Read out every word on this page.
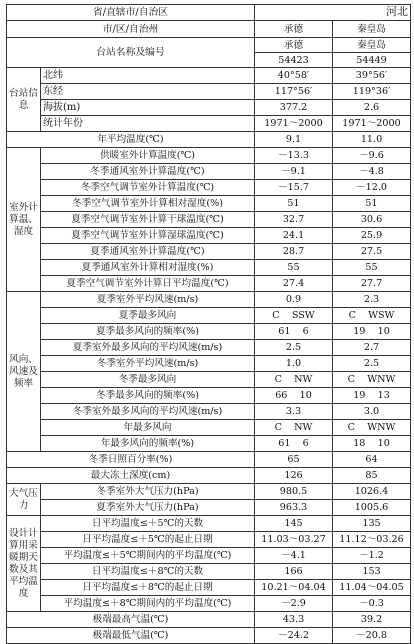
河北
省/直辖市/自治区			
市/区/自治州		承德	秦皇岛
台站名称及编号		承德	秦皇岛
		54423	54449
台站信息	北纬	40°58′	39°56′
	东经	117°56′	119°36′
	海拔(m)	377.2	2.6
	统计年份	1971～2000	1971～2000
年平均温度(℃)		9.1	11.0
室外计算温、湿度	供暖室外计算温度(℃)	－13.3	－9.6
	冬季通风室外计算温度(℃)	－9.1	－4.8
	冬季空气调节室外计算温度(℃)	－15.7	－12.0
	冬季空气调节室外计算相对湿度(%)	51	51
	夏季空气调节室外计算干球温度(℃)	32.7	30.6
	夏季空气调节室外计算湿球温度(℃)	24.1	25.9
	夏季通风室外计算温度(℃)	28.7	27.5
	夏季通风室外计算相对湿度(%)	55	55
	夏季空气调节室外计算日平均温度(℃)	27.4	27.7
风向、风速及频率	夏季室外平均风速(m/s)	0.9	2.3
	夏季最多风向	C    SSW	C    WSW
	夏季最多风向的频率(%)	61    6	19    10
	夏季室外最多风向的平均风速(m/s)	2.5	2.7
	冬季室外平均风速(m/s)	1.0	2.5
	冬季最多风向	C    NW	C    WNW
	冬季最多风向的频率(%)	66    10	19    13
	冬季室外最多风向的平均风速(m/s)	3.3	3.0
	年最多风向	C    NW	C    WNW
	年最多风向的频率(%)	61    6	18    10
冬季日照百分率(%)		65	64
最大冻土深度(cm)		126	85
大气压力	冬季室外大气压力(hPa)	980.5	1026.4
	夏季室外大气压力(hPa)	963.3	1005.6
设计计算用采暖期天数及其平均温度	日平均温度≤＋5℃的天数	145	135
	日平均温度≤＋5℃的起止日期	11.03～03.27	11.12～03.26
	平均温度≤＋5℃期间内的平均温度(℃)	－4.1	－1.2
	日平均温度≤＋8℃的天数	166	153
	日平均温度≤＋8℃的起止日期	10.21～04.04	11.04～04.05
	平均温度≤＋8℃期间内的平均温度(℃)	－2.9	－0.3
极端最高气温(℃)		43.3	39.2
极端最低气温(℃)		－24.2	－20.8
